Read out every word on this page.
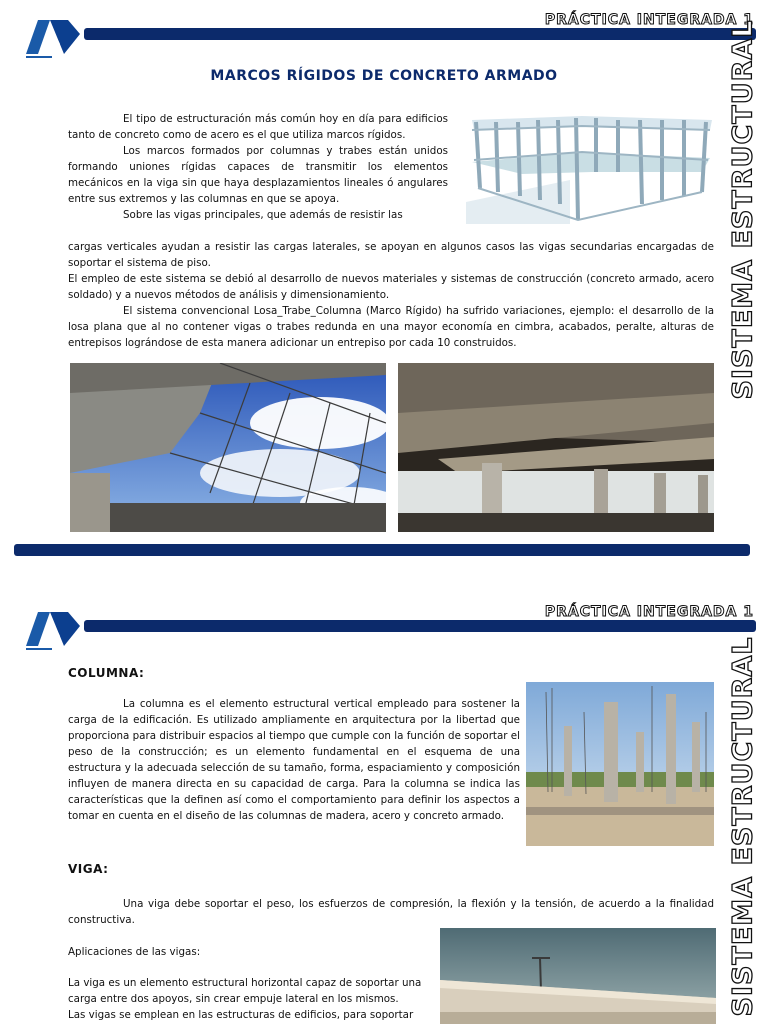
PRÁCTICA INTEGRADA 1
SISTEMA ESTRUCTURAL
MARCOS RÍGIDOS DE CONCRETO ARMADO

El tipo de estructuración más común hoy en día para edificios tanto de concreto como de acero es el que utiliza marcos rígidos.

Los marcos formados por columnas y trabes están unidos formando uniones rígidas capaces de transmitir los elementos mecánicos en la viga sin que haya desplazamientos lineales ó angulares entre sus extremos y las columnas en que se apoya.

Sobre las vigas principales, que además de resistir las

cargas verticales ayudan a resistir las cargas laterales, se apoyan en algunos casos las vigas secundarias encargadas de soportar el sistema de piso.

El empleo de este sistema se debió al desarrollo de nuevos materiales y sistemas de construcción (concreto armado, acero soldado) y a nuevos métodos de análisis y dimensionamiento.

El sistema convencional Losa_Trabe_Columna (Marco Rígido) ha sufrido variaciones, ejemplo: el desarrollo de la losa plana que al no contener vigas o trabes redunda en una mayor economía en cimbra, acabados, peralte, alturas de entrepisos lográndose de esta manera adicionar un entrepiso por cada 10 construidos.

PRÁCTICA INTEGRADA 1
SISTEMA ESTRUCTURAL
COLUMNA:

La columna es el elemento estructural vertical empleado para sostener la carga de la edificación. Es utilizado ampliamente en arquitectura por la libertad que proporciona para distribuir espacios al tiempo que cumple con la función de soportar el peso de la construcción; es un elemento fundamental en el esquema de una estructura y la adecuada selección de su tamaño, forma, espaciamiento y composición influyen de manera directa en su capacidad de carga. Para la columna se indica las características que la definen así como el comportamiento para definir los aspectos a tomar en cuenta en el diseño de las columnas de madera, acero y concreto armado.

VIGA:

Una viga debe soportar el peso, los esfuerzos de compresión, la flexión y la tensión, de acuerdo a la finalidad constructiva.

Aplicaciones de las vigas:

La viga es un elemento estructural horizontal capaz de soportar una carga entre dos apoyos, sin crear empuje lateral en los mismos.

Las vigas se emplean en las estructuras de edificios, para soportar
